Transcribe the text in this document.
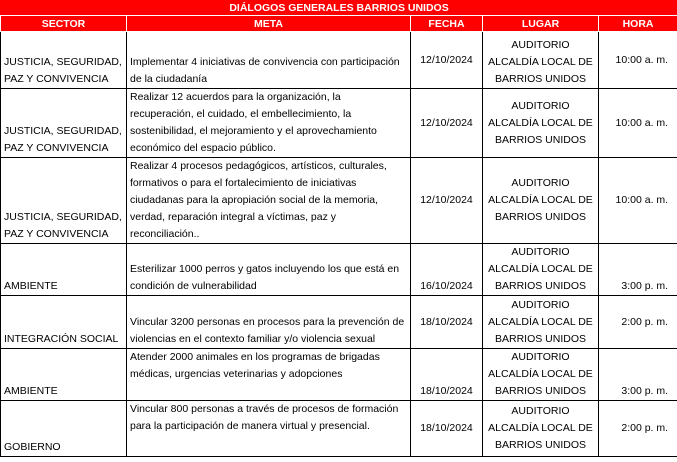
DIÁLOGOS GENERALES BARRIOS UNIDOS				
SECTOR	META	FECHA	LUGAR	HORA
JUSTICIA, SEGURIDAD, PAZ Y CONVIVENCIA	Implementar 4 iniciativas de convivencia con participación de la ciudadanía	12/10/2024	AUDITORIO ALCALDÍA LOCAL DE BARRIOS UNIDOS	10:00 a. m.
JUSTICIA, SEGURIDAD, PAZ Y CONVIVENCIA	Realizar 12 acuerdos para la organización, la recuperación, el cuidado, el embellecimiento, la sostenibilidad, el mejoramiento y el aprovechamiento económico del espacio público.	12/10/2024	AUDITORIO ALCALDÍA LOCAL DE BARRIOS UNIDOS	10:00 a. m.
JUSTICIA, SEGURIDAD, PAZ Y CONVIVENCIA	Realizar 4 procesos pedagógicos, artísticos, culturales, formativos o para el fortalecimiento de iniciativas ciudadanas para la apropiación social de la memoria, verdad, reparación integral a víctimas, paz y reconciliación..	12/10/2024	AUDITORIO ALCALDÍA LOCAL DE BARRIOS UNIDOS	10:00 a. m.
AMBIENTE	Esterilizar 1000 perros y gatos incluyendo los que está en condición de vulnerabilidad	16/10/2024	AUDITORIO ALCALDÍA LOCAL DE BARRIOS UNIDOS	3:00 p. m.
INTEGRACIÓN SOCIAL	Vincular 3200 personas en procesos para la prevención de violencias en el contexto familiar y/o violencia sexual	18/10/2024	AUDITORIO ALCALDÍA LOCAL DE BARRIOS UNIDOS	2:00 p. m.
AMBIENTE	Atender 2000 animales en los programas de brigadas médicas, urgencias veterinarias y adopciones	18/10/2024	AUDITORIO ALCALDÍA LOCAL DE BARRIOS UNIDOS	3:00 p. m.
GOBIERNO	Vincular 800 personas a través de procesos de formación para la participación de manera virtual y presencial.	18/10/2024	AUDITORIO ALCALDÍA LOCAL DE BARRIOS UNIDOS	2:00 p. m.
